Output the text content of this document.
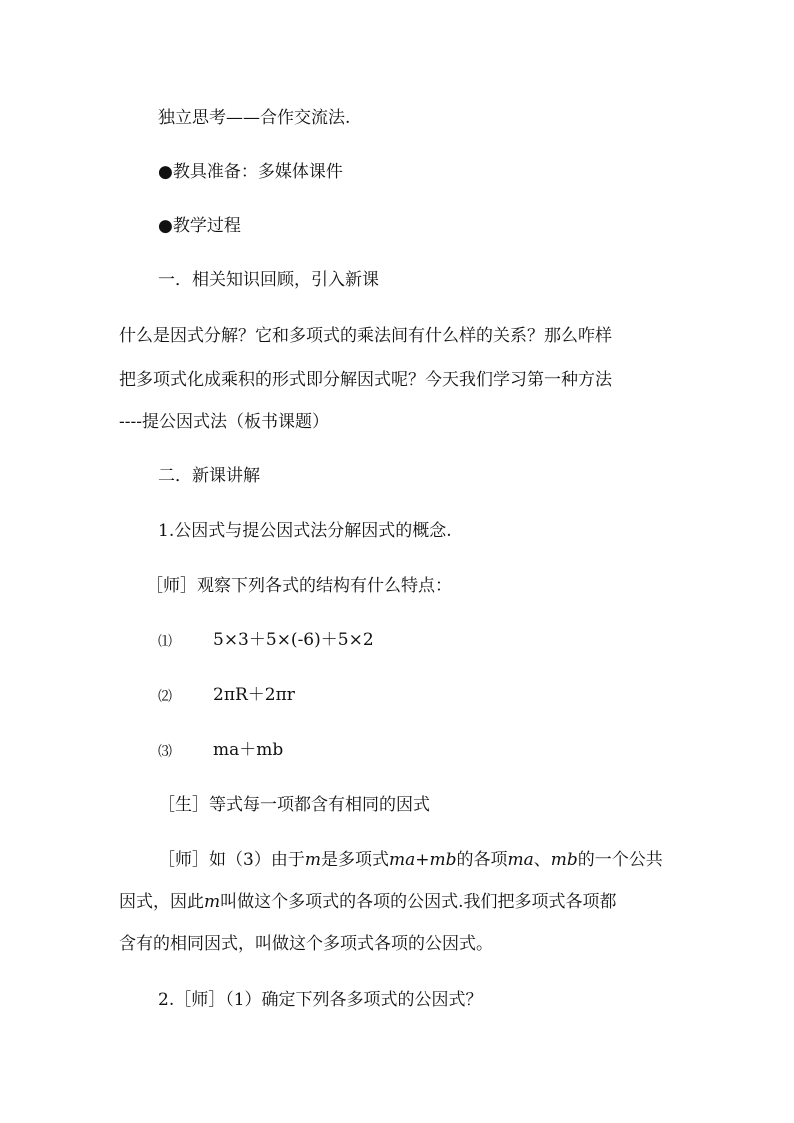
独立思考——合作交流法.
●教具准备：多媒体课件
●教学过程
一．相关知识回顾，引入新课
什么是因式分解？它和多项式的乘法间有什么样的关系？那么咋样
把多项式化成乘积的形式即分解因式呢？今天我们学习第一种方法
----提公因式法（板书课题）
二．新课讲解
1.公因式与提公因式法分解因式的概念.
［师］观察下列各式的结构有什么特点：
⑴ 5×3＋5×(-6)＋5×2
⑵ 2πR＋2πr
⑶ ma＋mb
［生］等式每一项都含有相同的因式
［师］如（3）由于m是多项式ma+mb的各项ma、mb的一个公共
因式，因此m叫做这个多项式的各项的公因式.我们把多项式各项都
含有的相同因式，叫做这个多项式各项的公因式。
2.［师］（1）确定下列各多项式的公因式？
